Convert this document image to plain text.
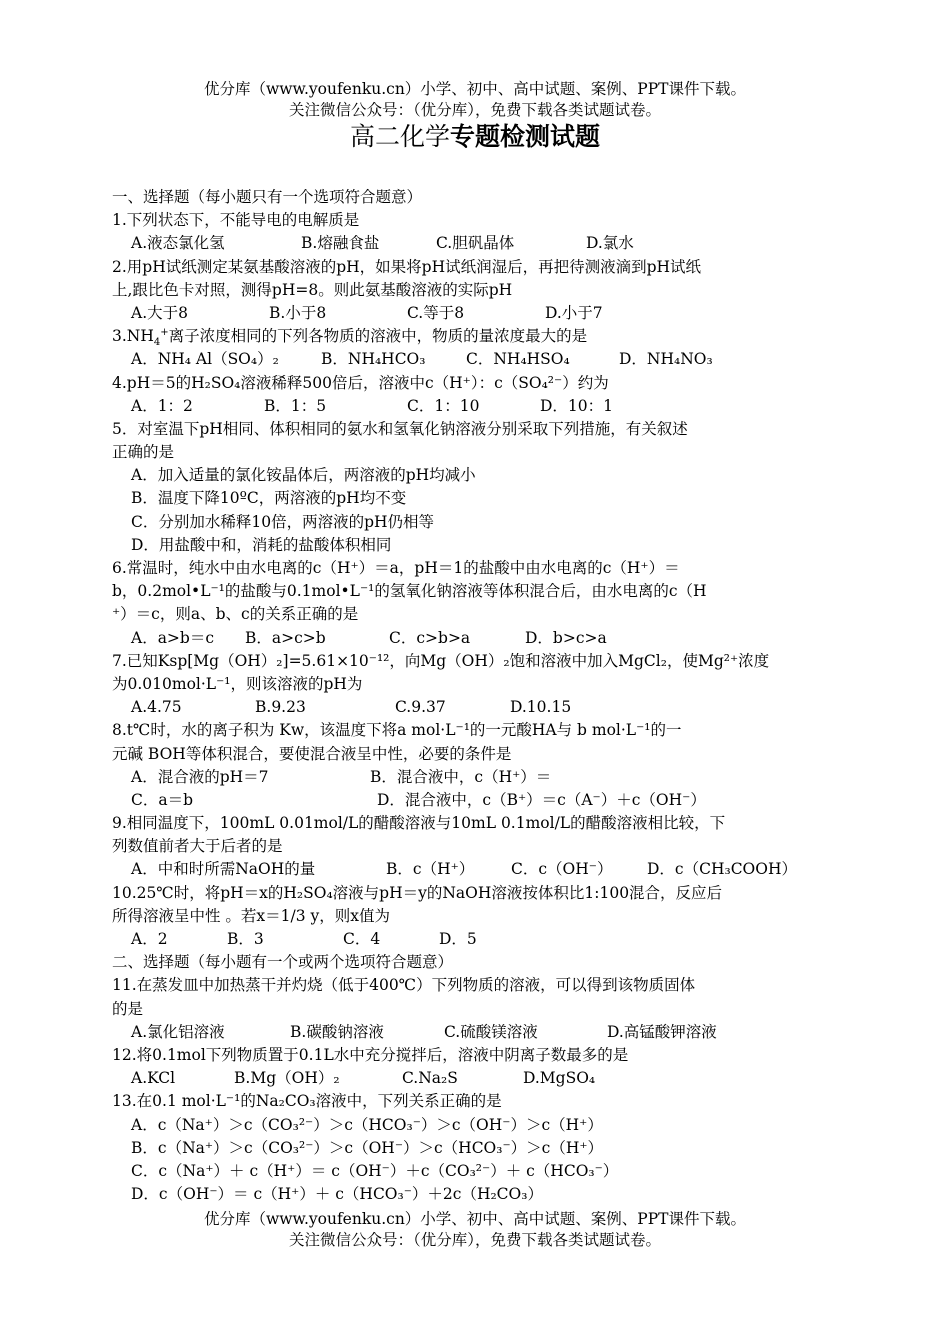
优分库（www.youfenku.cn）小学、初中、高中试题、案例、PPT课件下载。
关注微信公众号：（优分库），免费下载各类试题试卷。
高二化学专题检测试题
一、选择题（每小题只有一个选项符合题意）
1.下列状态下，不能导电的电解质是
A.液态氯化氢	B.熔融食盐	C.胆矾晶体	D.氯水
2.用pH试纸测定某氨基酸溶液的pH，如果将pH试纸润湿后，再把待测液滴到pH试纸
上,跟比色卡对照，测得pH=8。则此氨基酸溶液的实际pH
A.大于8	B.小于8	C.等于8	D.小于7
$3.NH_4^+$离子浓度相同的下列各物质的溶液中，物质的量浓度最大的是
A．NH₄ Al（SO₄）₂	B．NH₄HCO₃	C．NH₄HSO₄	D．NH₄NO₃
4.pH＝5的H₂SO₄溶液稀释500倍后，溶液中c（H⁺）：c（SO₄²⁻）约为
A．1：2	B．1：5	C．1：10	D．10：1
5．对室温下pH相同、体积相同的氨水和氢氧化钠溶液分别采取下列措施，有关叙述
正确的是
A．加入适量的氯化铵晶体后，两溶液的pH均减小
B．温度下降10ºC，两溶液的pH均不变
C．分别加水稀释10倍，两溶液的pH仍相等
D．用盐酸中和，消耗的盐酸体积相同
6.常温时，纯水中由水电离的c（H⁺）＝a，pH＝1的盐酸中由水电离的c（H⁺）＝
b，0.2mol•L⁻¹的盐酸与0.1mol•L⁻¹的氢氧化钠溶液等体积混合后，由水电离的c（H
⁺）＝c，则a、b、c的关系正确的是
A．a>b＝c B．a>c>b	C．c>b>a	D．b>c>a
7.已知Ksp[Mg（OH）₂]=5.61×10⁻¹²，向Mg（OH）₂饱和溶液中加入MgCl₂，使Mg²⁺浓度
为0.010mol·L⁻¹，则该溶液的pH为
A.4.75	B.9.23	C.9.37	D.10.15
8.t℃时，水的离子积为 Kw，该温度下将a mol·L⁻¹的一元酸HA与 b mol·L⁻¹的一
元碱 BOH等体积混合，要使混合液呈中性，必要的条件是
A．混合液的pH＝7	B．混合液中，c（H⁺）＝
C．a＝b	D．混合液中，c（B⁺）＝c（A⁻）＋c（OH⁻）
9.相同温度下，100mL 0.01mol/L的醋酸溶液与10mL 0.1mol/L的醋酸溶液相比较，下
列数值前者大于后者的是
A．中和时所需NaOH的量	B．c（H⁺） C．c（OH⁻） D．c（CH₃COOH）
10.25℃时，将pH＝x的H₂SO₄溶液与pH＝y的NaOH溶液按体积比1:100混合，反应后
所得溶液呈中性 。若x＝1/3 y，则x值为
A．2	B．3	C．4	D．5
二、选择题（每小题有一个或两个选项符合题意）
11.在蒸发皿中加热蒸干并灼烧（低于400℃）下列物质的溶液，可以得到该物质固体
的是
A.氯化铝溶液	B.碳酸钠溶液	C.硫酸镁溶液	D.高锰酸钾溶液
12.将0.1mol下列物质置于0.1L水中充分搅拌后，溶液中阴离子数最多的是
A.KCl	B.Mg（OH）₂	C.Na₂S	D.MgSO₄
13.在0.1 mol·L⁻¹的Na₂CO₃溶液中，下列关系正确的是
A．c（Na⁺）＞c（CO₃²⁻）＞c（HCO₃⁻）＞c（OH⁻）＞c（H⁺）
B．c（Na⁺）＞c（CO₃²⁻）＞c（OH⁻）＞c（HCO₃⁻）＞c（H⁺）
C．c（Na⁺）＋ c（H⁺）＝ c（OH⁻）＋c（CO₃²⁻）＋ c（HCO₃⁻）
D．c（OH⁻）＝ c（H⁺）＋ c（HCO₃⁻）＋2c（H₂CO₃）
优分库（www.youfenku.cn）小学、初中、高中试题、案例、PPT课件下载。
关注微信公众号：（优分库），免费下载各类试题试卷。
